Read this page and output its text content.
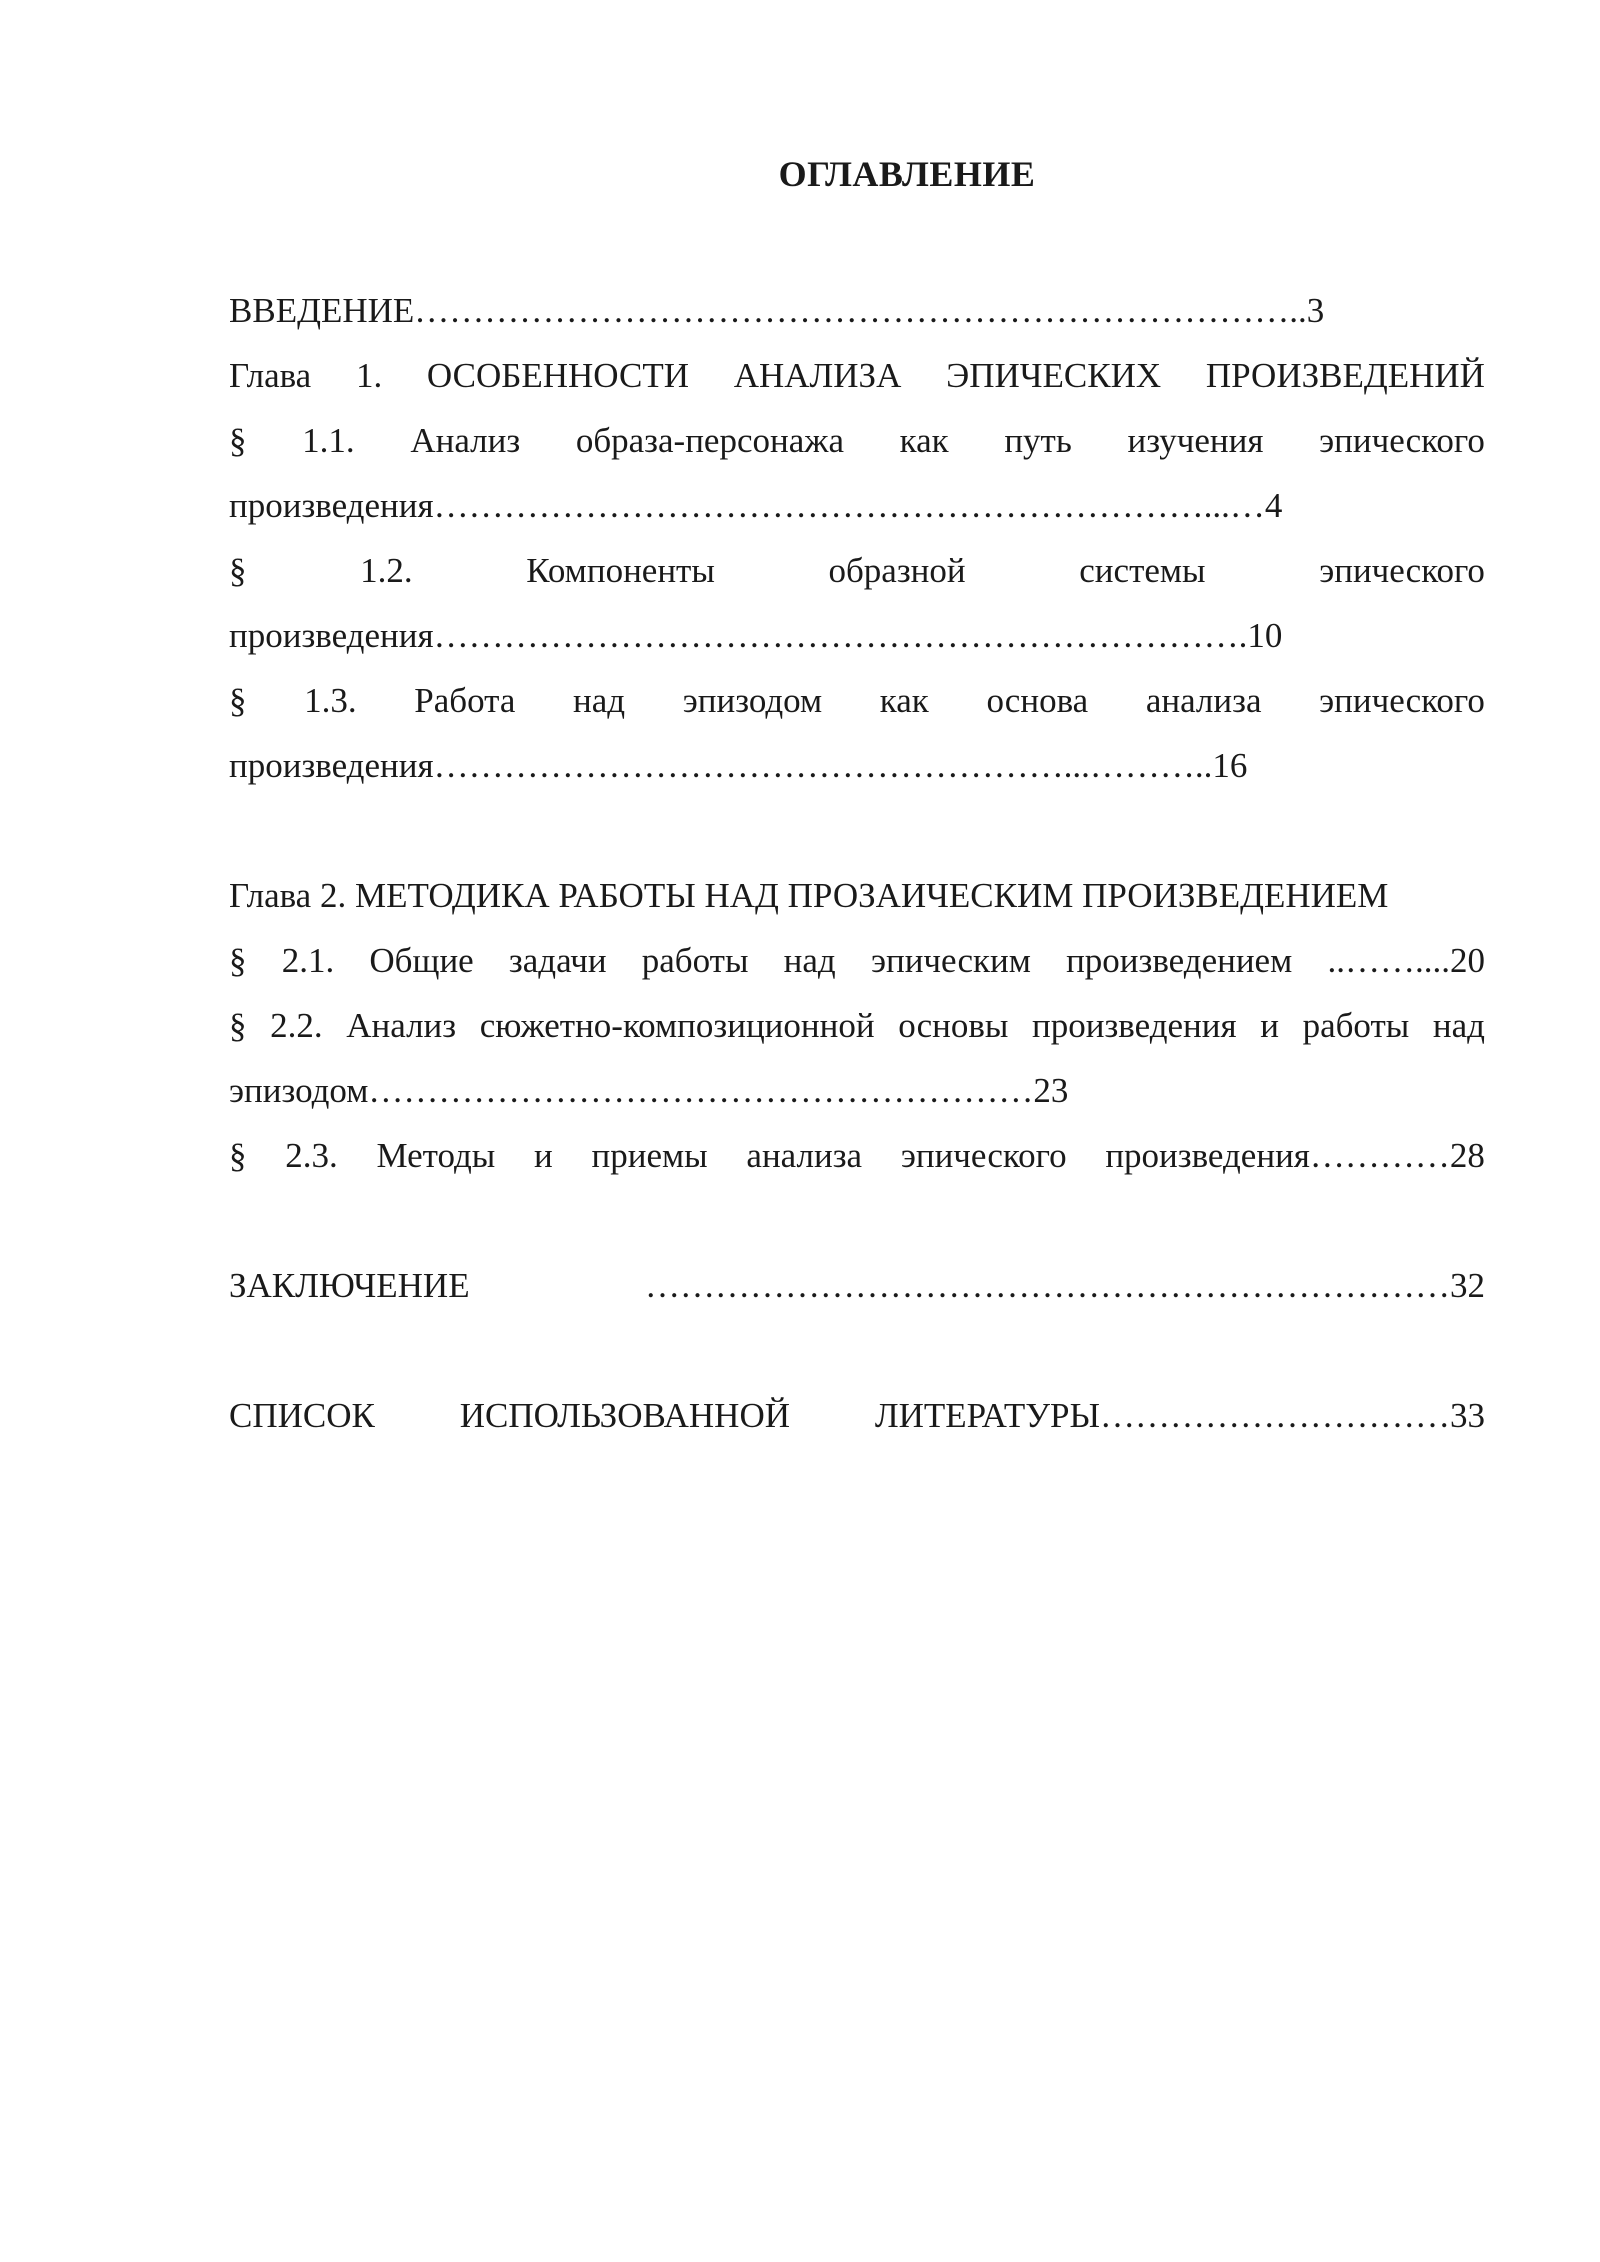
ОГЛАВЛЕНИЕ
ВВЕДЕНИЕ…………………………………………………………………..3
Глава 1. ОСОБЕННОСТИ АНАЛИЗА ЭПИЧЕСКИХ ПРОИЗВЕДЕНИЙ
§ 1.1. Анализ образа-персонажа как путь изучения эпического
произведения…………………………………………………………...…4
§	1.2.	Компоненты	образной	системы	эпического
произведения…………………………………………………………….10
§ 1.3. Работа над эпизодом как основа анализа эпического
произведения………………………………………………...………..16
Глава 2. МЕТОДИКА РАБОТЫ НАД ПРОЗАИЧЕСКИМ ПРОИЗВЕДЕНИЕМ
§ 2.1. Общие задачи работы над эпическим произведением ..……....20
§ 2.2. Анализ сюжетно-композиционной основы произведения и работы над
эпизодом…………………………………………………23
§ 2.3. Методы и приемы анализа эпического произведения…………28
ЗАКЛЮЧЕНИЕ	……………………………………………………………32
СПИСОК ИСПОЛЬЗОВАННОЙ ЛИТЕРАТУРЫ…………………………33
